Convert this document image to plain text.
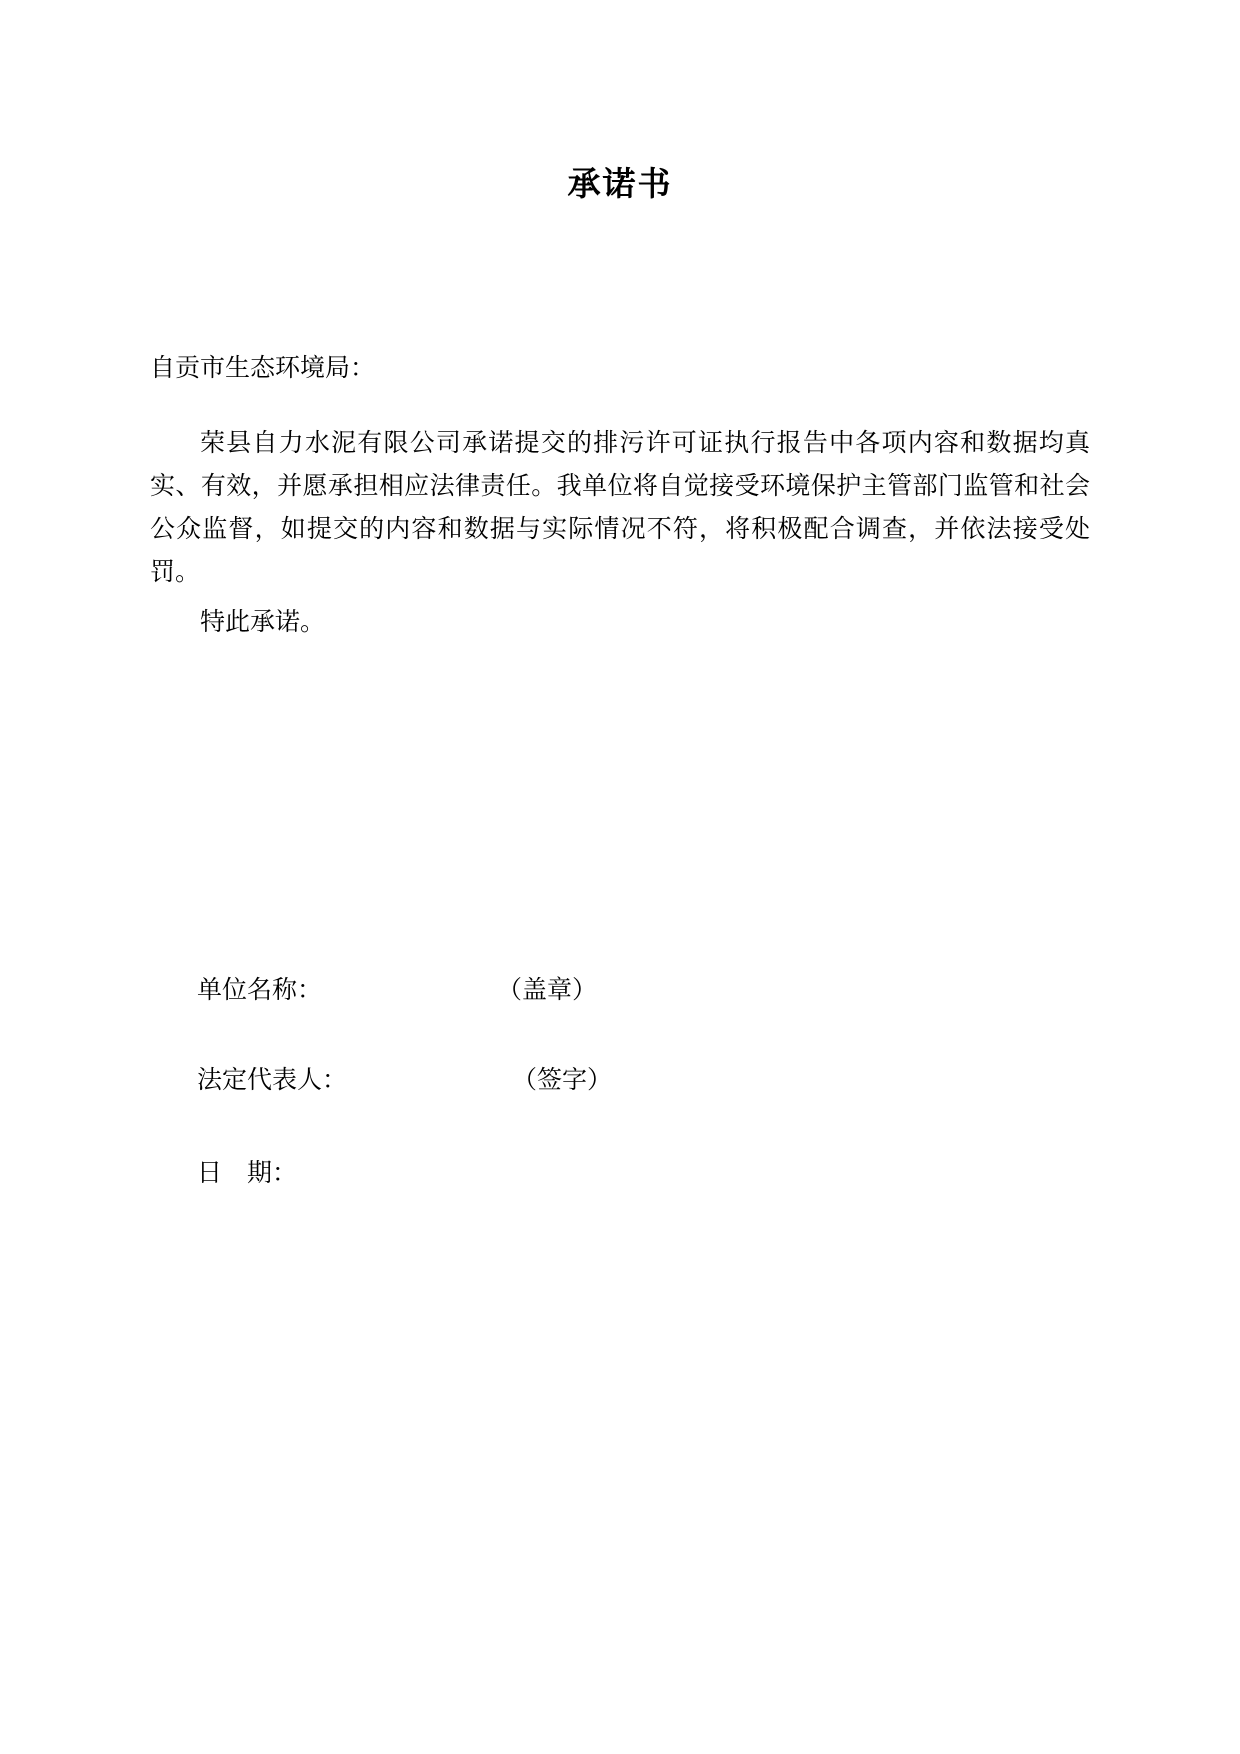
承诺书
自贡市生态环境局：
荣县自力水泥有限公司承诺提交的排污许可证执行报告中各项内容和数据均真实、有效，并愿承担相应法律责任。我单位将自觉接受环境保护主管部门监管和社会公众监督，如提交的内容和数据与实际情况不符，将积极配合调查，并依法接受处罚。
特此承诺。
单位名称：	（盖章）
法定代表人：	（签字）
日　期：
